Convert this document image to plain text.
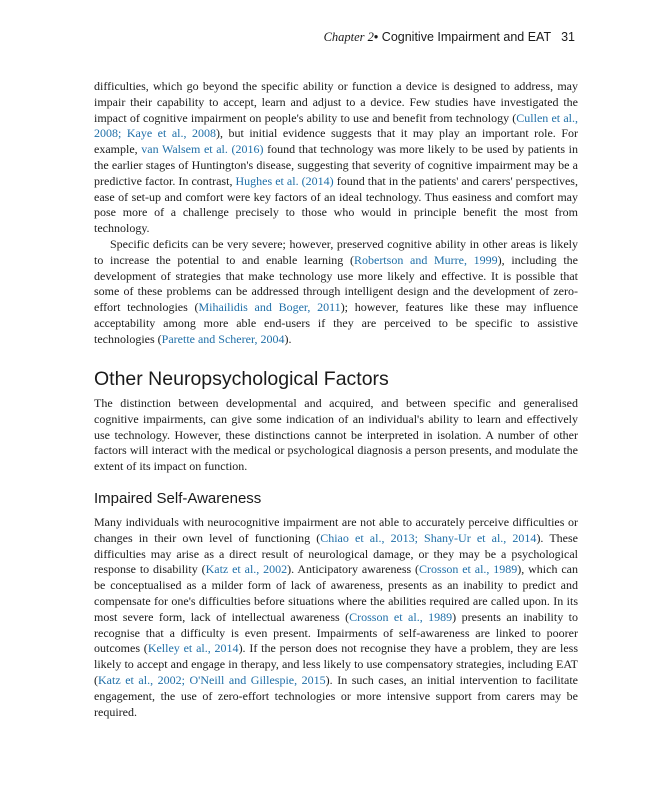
Chapter 2• Cognitive Impairment and EAT 31

difficulties, which go beyond the specific ability or function a device is designed to address, may impair their capability to accept, learn and adjust to a device. Few studies have investigated the impact of cognitive impairment on people's ability to use and benefit from technology (Cullen et al., 2008; Kaye et al., 2008), but initial evidence suggests that it may play an important role. For example, van Walsem et al. (2016) found that technology was more likely to be used by patients in the earlier stages of Huntington's disease, suggesting that severity of cognitive impairment may be a predictive factor. In contrast, Hughes et al. (2014) found that in the patients' and carers' perspectives, ease of set-up and comfort were key factors of an ideal technology. Thus easiness and comfort may pose more of a challenge precisely to those who would in principle benefit the most from technology.

Specific deficits can be very severe; however, preserved cognitive ability in other areas is likely to increase the potential to and enable learning (Robertson and Murre, 1999), including the development of strategies that make technology use more likely and effective. It is possible that some of these problems can be addressed through intelligent design and the development of zero-effort technologies (Mihailidis and Boger, 2011); however, features like these may influence acceptability among more able end-users if they are perceived to be specific to assistive technologies (Parette and Scherer, 2004).

Other Neuropsychological Factors

The distinction between developmental and acquired, and between specific and generalised cognitive impairments, can give some indication of an individual's ability to learn and effectively use technology. However, these distinctions cannot be interpreted in isolation. A number of other factors will interact with the medical or psychological diagnosis a person presents, and modulate the extent of its impact on function.

Impaired Self-Awareness

Many individuals with neurocognitive impairment are not able to accurately perceive difficulties or changes in their own level of functioning (Chiao et al., 2013; Shany-Ur et al., 2014). These difficulties may arise as a direct result of neurological damage, or they may be a psychological response to disability (Katz et al., 2002). Anticipatory awareness (Crosson et al., 1989), which can be conceptualised as a milder form of lack of awareness, presents as an inability to predict and compensate for one's difficulties before situations where the abilities required are called upon. In its most severe form, lack of intellectual awareness (Crosson et al., 1989) presents an inability to recognise that a difficulty is even present. Impairments of self-awareness are linked to poorer outcomes (Kelley et al., 2014). If the person does not recognise they have a problem, they are less likely to accept and engage in therapy, and less likely to use compensatory strategies, including EAT (Katz et al., 2002; O'Neill and Gillespie, 2015). In such cases, an initial intervention to facilitate engagement, the use of zero-effort technologies or more intensive support from carers may be required.
